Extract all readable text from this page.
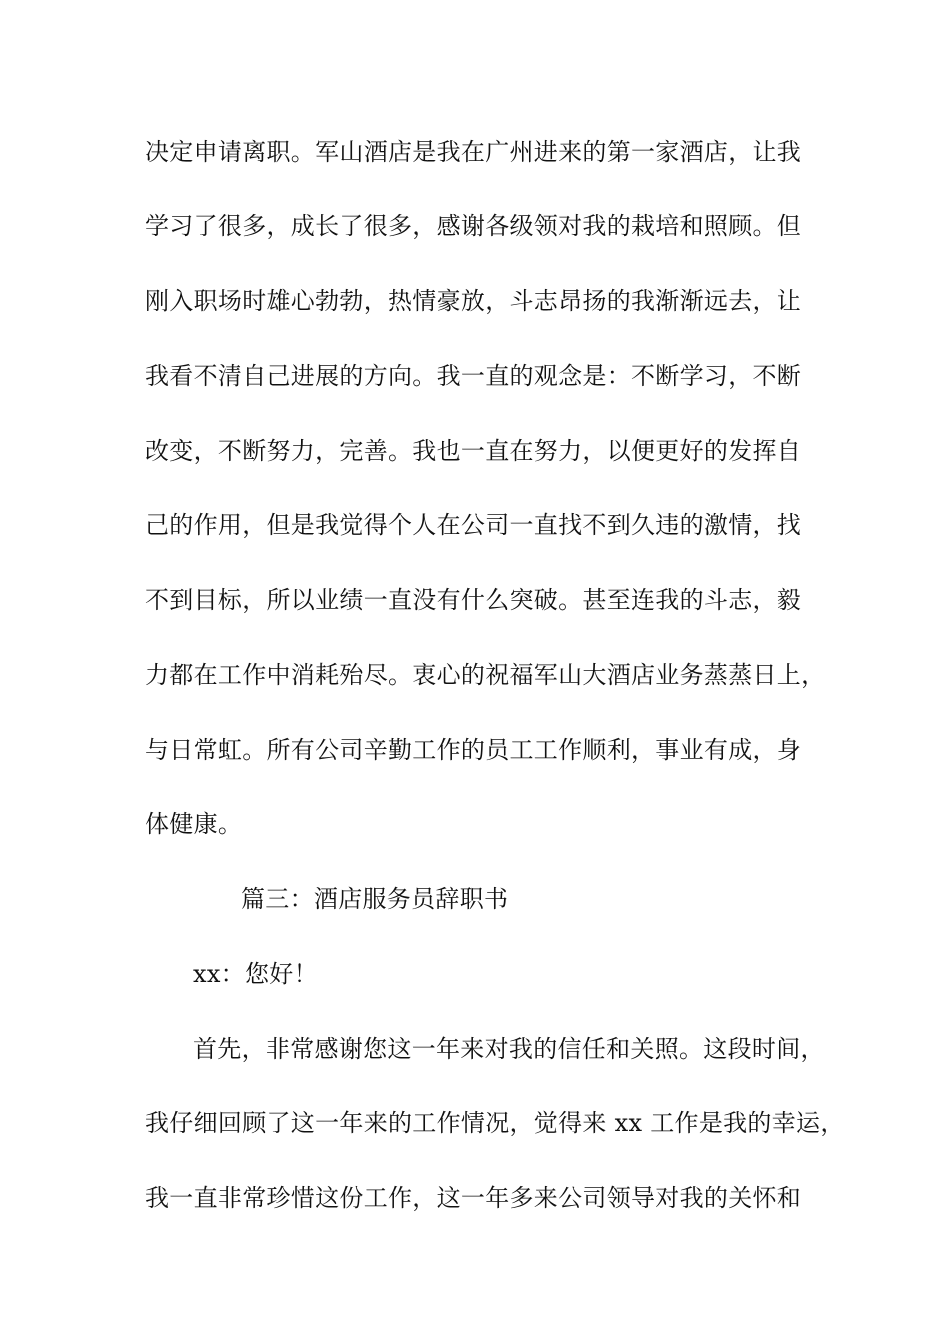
决定申请离职。军山酒店是我在广州进来的第一家酒店，让我
学习了很多，成长了很多，感谢各级领对我的栽培和照顾。但
刚入职场时雄心勃勃，热情豪放，斗志昂扬的我渐渐远去，让
我看不清自己进展的方向。我一直的观念是：不断学习，不断
改变，不断努力，完善。我也一直在努力，以便更好的发挥自
己的作用，但是我觉得个人在公司一直找不到久违的激情，找
不到目标，所以业绩一直没有什么突破。甚至连我的斗志，毅
力都在工作中消耗殆尽。衷心的祝福军山大酒店业务蒸蒸日上，
与日常虹。所有公司辛勤工作的员工工作顺利，事业有成，身
体健康。
篇三：酒店服务员辞职书
xx：您好！
首先，非常感谢您这一年来对我的信任和关照。这段时间，
我仔细回顾了这一年来的工作情况，觉得来 xx 工作是我的幸运，
我一直非常珍惜这份工作，这一年多来公司领导对我的关怀和
